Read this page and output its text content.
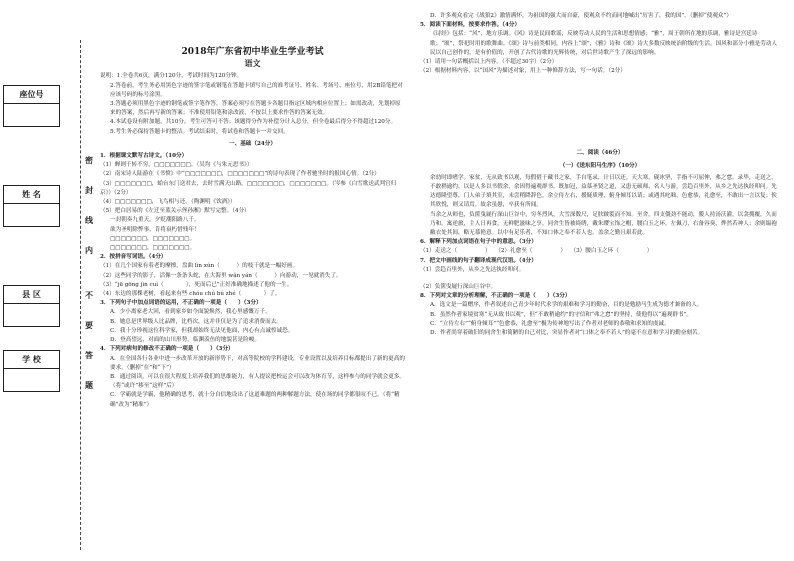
座位号
姓 名
县 区
学 校
密
封
线
内
不
要
答
题
2018年广东省初中毕业生学业考试
语文

说明：1.全卷共6页，满分120分，考试时间为120分钟。

2.答卷前，考生务必用黑色字迹的签字笔或钢笔在答题卡填写自己的准考证号、姓名、考场号、座位号，用2B铅笔把对应该号码的标号涂黑。

3.答题必须用黑色字迹的钢笔或签字笔作答，答案必须写在答题卡各题目指定区域内相应位置上；如需改动，先划掉原来的答案，然后再写新的答案；不准使用铅笔和涂改液，不按以上要求作答的答案无效。

4.本试卷设有附加题，共10分，考生可答可不答；该题得分作为补偿分计入总分，但全卷最后得分不得超过120分。

5.考生务必保持答题卡的整洁。考试结束时，将试卷和答题卡一并交回。

一、基础（24分）

1．根据课文默写古诗文。（10分）

（1）蝉则千转不穷，□□□□□□□。（吴均《与朱元思书》）

（2）南宋诗人陆游在《书愤》中“□□□□□□□，□□□□□□□”的诗句表现了作者驰坐时的报国心情。（2分）

（3）□□□□□□□，蛤台东门送君去，去时雪满天山路。□□□□□□□，□□□□□□□。（岑参《白雪歌送武判官归京》）（2分）

（4）□□□□□□□，飞鸟相与还。（陶渊明《饮酒》）

（5）把白居易的《左迁至蓝关示侄孙湘》默写完整。（4分）

一封朝奏九重天，夕贬潮阳路八千。

欲为圣明除弊事，肯将衰朽惜残年！

□□□□□□□，□□□□□□□。

□□□□□□□，□□□□□□□。

2．按拼音写词语。（4分）

（1）在几个国家有着老的摩擦，盘曲 lìn xún（　　　）的枝干就是一幅好画。

（2）这些同学的影子，活像一条条头蛇，在大海里 wǎn yán（　　　）向游动，一见就消失了。

（3）“jū gōng jìn cuì（　　　　），死而后已”正好准确地描述了他的一生。

（4）东边的那棵老树，看起来有些 chóu chú bú zhé（　　　　）了。

3．下列句子中加点词语的运用，不正确的一项是（　　）（3分）

A．少小离家老大回，看到家乡如今面貌焕然，我心里感慨万千。

B．她总是世界级人比品牌，比档次，这并非仅是为了追求消费而去。

C．我十分珍视这位科学家，但我却始终无法见他面，内心有点诚惶诚恐。

D．登高望远，对面的山川形势，临渊羡鱼的地貌甚是险峻。

4．下列对病句的修改不正确的一项是（　　）（3分）

A．在全国各行各业中进一步改革开放的新形势下，对高等院校的学科建设，专业设置以及培养目标都提出了新的更高的要求。（删掉“在”和“下”）

B．通过阅读，可以在很大程度上培养我们的思维能力，有人提议把校运会可以改为体育节，这样参与的同学就会更多。（将“或许”移至“这样”后）

C．学霸就是学霸，他精确的思考，就十分自信地设出了这道难题的两种解题方法，使在场的同学都很叹不已。（将“精确”改为“精准”）

D．许多观众看完《战狼2》激情满怀，为祖国的强大而自豪，使观众不约而同地喊出“厉害了，我的国”。（删掉“使观众”）

5．阅读下面材料，按要求作答。（4分）

《诗经》包括：“风”，地方乐调。《风》诗是民间歌谣，反映劳动人民的生活和思想情感；“雅”，周王朝所在地的乐调，雅诗是宫廷诗歌；“颂”，祭祀时用的歌舞曲。《颂》诗与前类相同，内容上“颂”，《雅》诗和《颂》诗大多数反映统治阶级的生活。国风和部分小雅是劳动人民以自己创作的，是有价值的，开创了古代诗歌的光辉传统，对后世诗歌产生了深远的影响。

（1）请用一句话概括以上内容。（不超过30字）（2分）

（2）根据材料内容，以“国风”为描述对象，用上一种修辞方法，写一句话。（2分）

二、阅读（46分）
（一）《送东阳马生序》（10分）

余幼时即嗜学。家贫，无从致书以观，每假借于藏书之家，手自笔录，计日以还。天大寒，砚冰坚，手指不可屈伸，弗之怠。录毕，走送之，不敢稍逾约。以是人多以书假余，余因得遍观群书。既加冠，益慕圣贤之道，又患无硕师、名人与游，尝趋百里外，从乡之先达执经叩问。先达德隆望尊，门人弟子填其室，未尝稍降辞色。余立侍左右，援疑质理，俯身倾耳以请；或遇其叱咄，色愈恭，礼愈至，不敢出一言以复；俟其欣悦，则又请焉。故余虽愚，卒获有所闻。

当余之从师也，负箧曳屣行深山巨谷中，穷冬烈风，大雪深数尺，足肤皲裂而不知。至舍，四支僵劲不能动，媵人持汤沃灌，以衾拥覆，久而乃和。寓逆旅，主人日再食，无鲜肥滋味之享。同舍生皆被绮绣，戴朱缨宝饰之帽，腰白玉之环，左佩刀，右备容臭，烨然若神人；余则缊袍敝衣处其间，略无慕艳意。以中有足乐者，不知口体之奉不若人也。盖余之勤且艰若此。

6．解释下列加点词语在句子中的意思。（3分）

（1）走送之（　　　　　）　 （2）礼愈至（　　　　　）　 （3）腰白玉之环（　　　　　）

7．把文中画线的句子翻译成现代汉语。（4分）

（1）尝趋百里外，从乡之先达执经叩问。

（2）负箧曳屣行深山巨谷中。

8．下列对文章的分析理解，不正确的一项是（　　）（3分）

A．选文是一篇赠序，作者叙述自己青少年时代求学的艰难和学习的勤奋，目的是勉励马生成为德才兼备的人。

B．虽然作者家境贫寒“无从致书以观”，但“不敢稍逾约”的守信和“弗之怠”的坚持，使他得以“遍观群书”。

C．“立侍左右”“俯身倾耳”“色愈恭，礼愈至”极为传神地写出了作者对老师的恭敬和求知的虔诚。

D．作者尚穿着破旧的同舍生和简陋的自己对比，突显作者对“口体之奉不若人”的毫不在意和学习的勤奋刻苦。
